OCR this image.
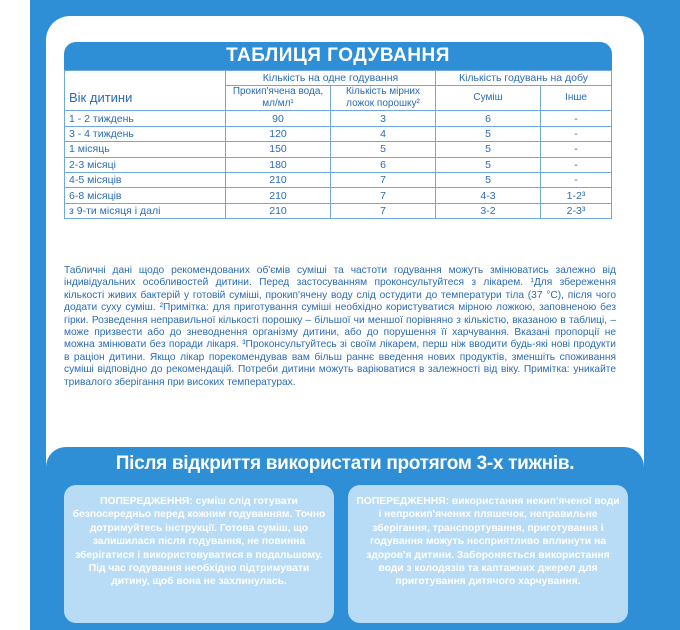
ТАБЛИЦЯ ГОДУВАННЯ
	Кількість на одне годування		Кількість годувань на добу	
Вік дитини	Прокип'ячена вода, мл/мл¹	Кількість мірних ложок порошку²	Суміш	Інше
1 - 2 тиждень	90	3	6	-
3 - 4 тиждень	120	4	5	-
1 місяць	150	5	5	-
2-3 місяці	180	6	5	-
4-5 місяців	210	7	5	-
6-8 місяців	210	7	4-3	1-2³
з 9-ти місяця і далі	210	7	3-2	2-3³

Табличні дані щодо рекомендованих об'ємів суміші та частоти годування можуть змінюватись залежно від індивідуальних особливостей дитини. Перед застосуванням проконсультуйтеся з лікарем. ¹Для збереження кількості живих бактерій у готовій суміші, прокип'ячену воду слід остудити до температури тіла (37 °С), після чого додати суху суміш. ²Примітка: для приготування суміші необхідно користуватися мірною ложкою, заповненою без гірки. Розведення неправильної кількості порошку – більшої чи меншої порівняно з кількістю, вказаною в таблиці, – може призвести або до зневоднення організму дитини, або до порушення її харчування. Вказані пропорції не можна змінювати без поради лікаря. ³Проконсультуйтесь зі своїм лікарем, перш ніж вводити будь-які нові продукти в раціон дитини. Якщо лікар порекомендував вам більш раннє введення нових продуктів, зменшіть споживання суміші відповідно до рекомендацій. Потреби дитини можуть варіюватися в залежності від віку. Примітка: уникайте тривалого зберігання при високих температурах.

Після відкриття використати протягом 3-х тижнів.
ПОПЕРЕДЖЕННЯ: суміш слід готувати безпосередньо перед кожним годуванням. Точно дотримуйтесь інструкції. Готова суміш, що залишилася після годування, не повинна зберігатися і використовуватися в подальшому. Під час годування необхідно підтримувати дитину, щоб вона не захлинулась.
ПОПЕРЕДЖЕННЯ: використання некип'яченої води і непрокип'ячених пляшечок, неправильне зберігання, транспортування, приготування і годування можуть несприятливо вплинути на здоров'я дитини. Забороняється використання води з колодязів та каптажних джерел для приготування дитячого харчування.
